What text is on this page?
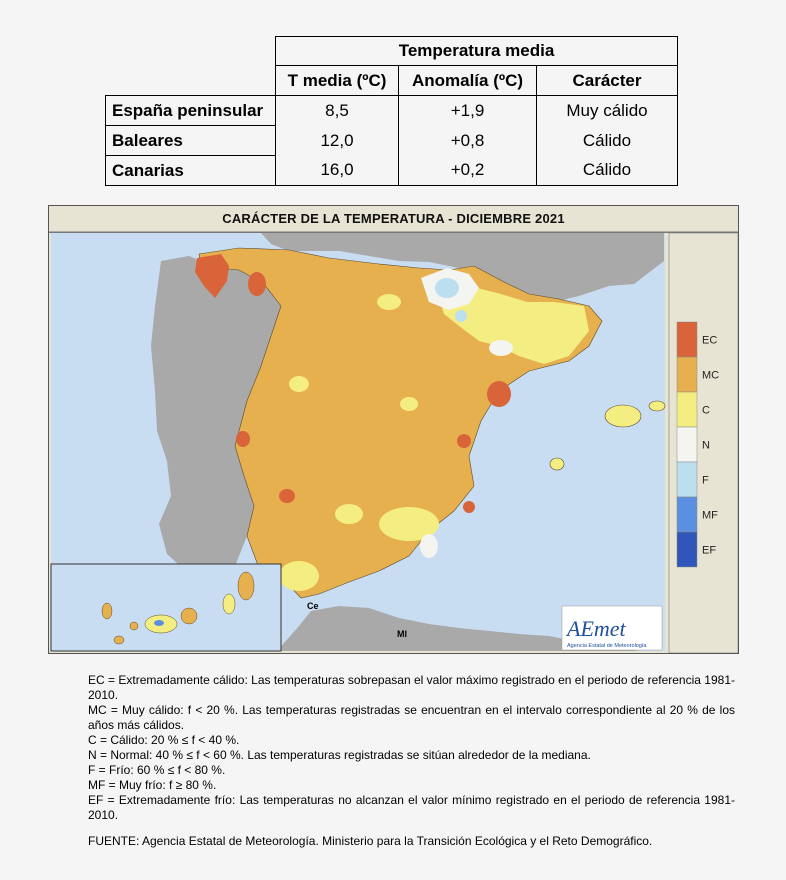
	Temperatura media		
	T media (ºC)	Anomalía (ºC)	Carácter
España peninsular	8,5	+1,9	Muy cálido
Baleares	12,0	+0,8	Cálido
Canarias	16,0	+0,2	Cálido
Ce
Ml	AEmet
Agencia Estatal de Meteorología
EC
MC
C
N
F
MF
EF
CARÁCTER DE LA TEMPERATURA - DICIEMBRE 2021

EC = Extremadamente cálido: Las temperaturas sobrepasan el valor máximo registrado en el periodo de referencia 1981-2010.

MC = Muy cálido: f < 20 %. Las temperaturas registradas se encuentran en el intervalo correspondiente al 20 % de los años más cálidos.

C = Cálido: 20 % ≤ f < 40 %.

N = Normal: 40 % ≤ f < 60 %. Las temperaturas registradas se sitúan alrededor de la mediana.

F = Frío: 60 % ≤ f < 80 %.

MF = Muy frío: f ≥ 80 %.

EF = Extremadamente frío: Las temperaturas no alcanzan el valor mínimo registrado en el periodo de referencia 1981-2010.

FUENTE: Agencia Estatal de Meteorología. Ministerio para la Transición Ecológica y el Reto Demográfico.
